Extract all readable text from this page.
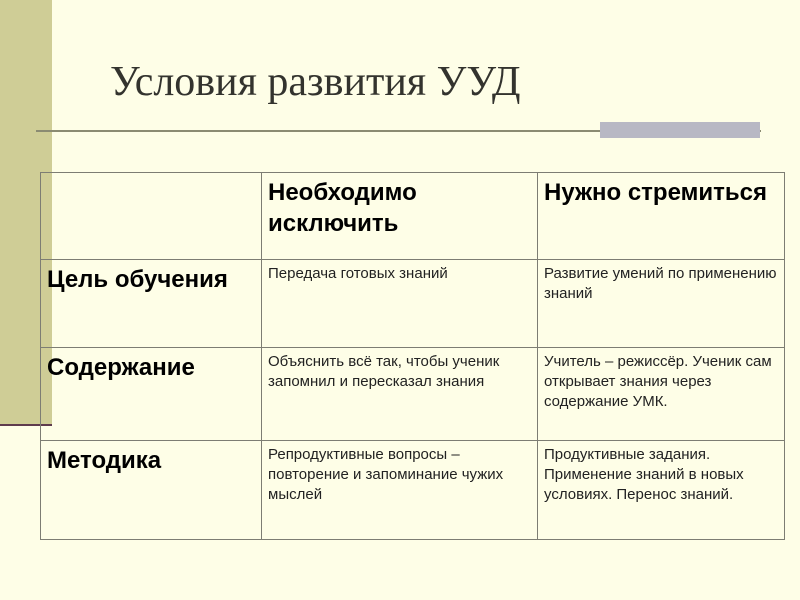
Условия развития УУД
	Необходимо исключить	Нужно стремиться
Цель обучения	Передача готовых знаний	Развитие умений по применению знаний
Содержание	Объяснить всё так, чтобы ученик запомнил и пересказал знания	Учитель – режиссёр. Ученик сам открывает знания через содержание УМК.
Методика	Репродуктивные вопросы – повторение и запоминание чужих мыслей	Продуктивные задания. Применение знаний в новых условиях. Перенос знаний.
